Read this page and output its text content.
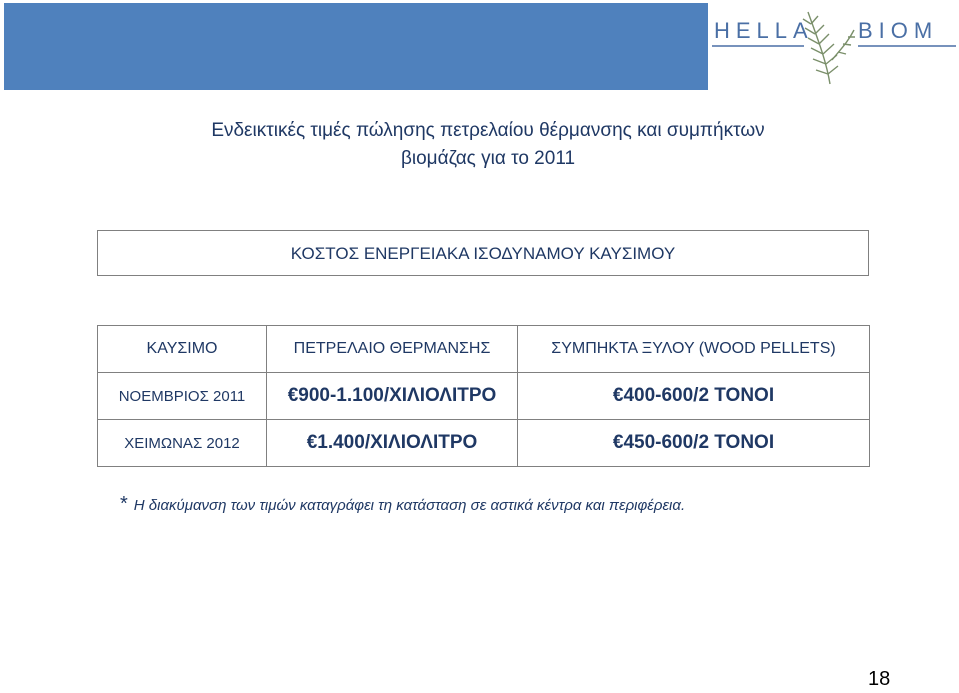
HELLA BIOM
Ενδεικτικές τιμές πώλησης πετρελαίου θέρμανσης και συμπήκτων
βιομάζας για το 2011
ΚΟΣΤΟΣ ΕΝΕΡΓΕΙΑΚΑ ΙΣΟΔΥΝΑΜΟΥ ΚΑΥΣΙΜΟΥ
ΚΑΥΣΙΜΟ	ΠΕΤΡΕΛΑΙΟ ΘΕΡΜΑΝΣΗΣ	ΣΥΜΠΗΚΤΑ ΞΥΛΟΥ (WOOD PELLETS)
ΝΟΕΜΒΡΙΟΣ 2011	€900-1.100/ΧΙΛΙΟΛΙΤΡΟ	€400-600/2 ΤΟΝΟΙ
ΧΕΙΜΩΝΑΣ 2012	€1.400/ΧΙΛΙΟΛΙΤΡΟ	€450-600/2 ΤΟΝΟΙ
* Η διακύμανση των τιμών καταγράφει τη κατάσταση σε αστικά κέντρα και περιφέρεια.
18
